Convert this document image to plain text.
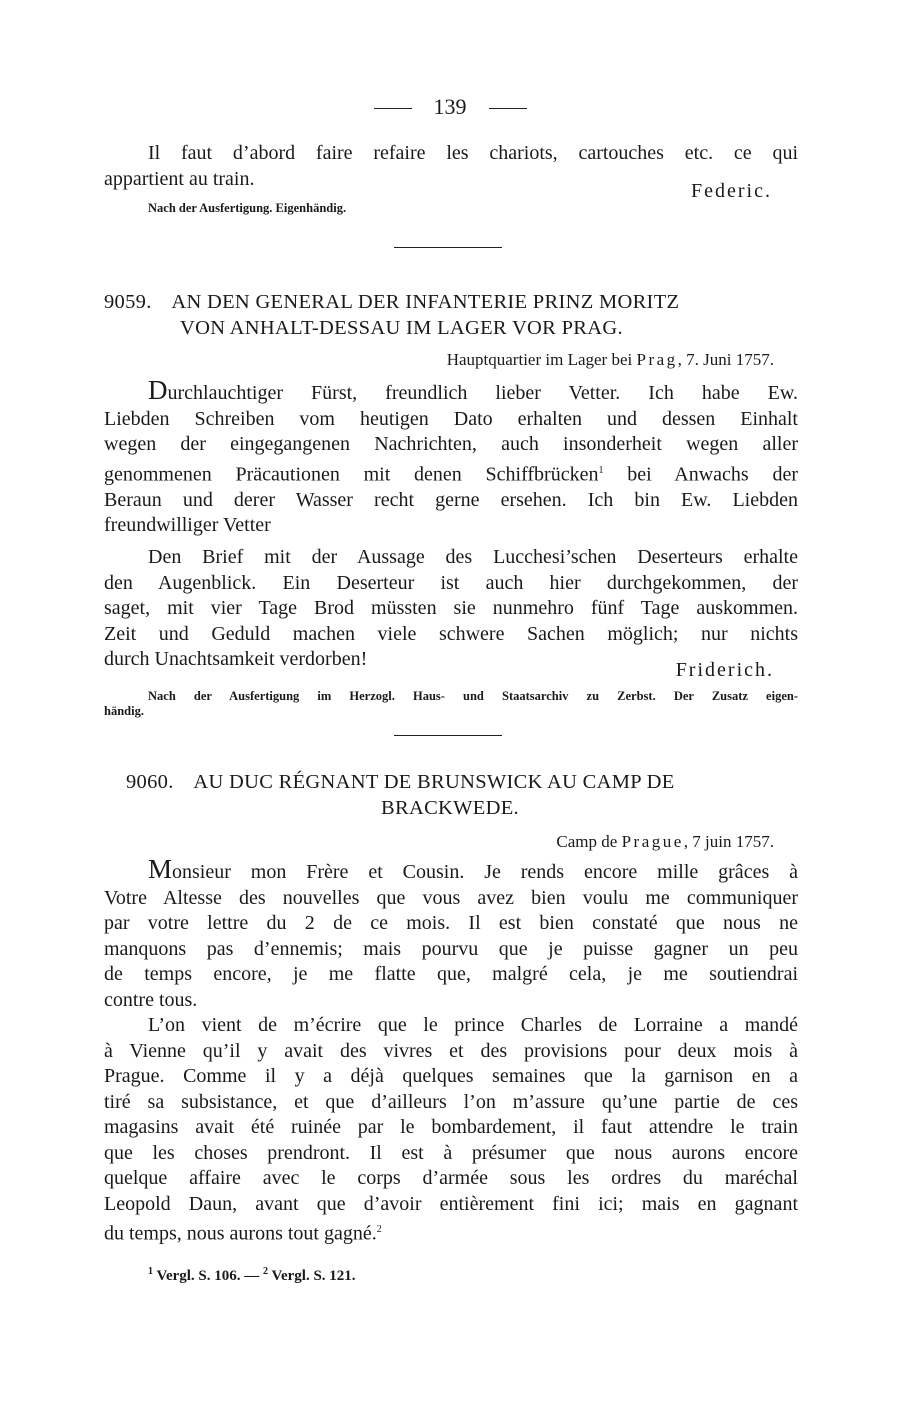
139
Il faut d’abord faire refaire les chariots, cartouches etc. ce qui
appartient au train.
Federic.
Nach der Ausfertigung. Eigenhändig.
9059. AN DEN GENERAL DER INFANTERIE PRINZ MORITZ
VON ANHALT-DESSAU IM LAGER VOR PRAG.
Hauptquartier im Lager bei Prag, 7. Juni 1757.
Durchlauchtiger Fürst, freundlich lieber Vetter. Ich habe Ew.
Liebden Schreiben vom heutigen Dato erhalten und dessen Einhalt
wegen der eingegangenen Nachrichten, auch insonderheit wegen aller
genommenen Präcautionen mit denen Schiffbrücken$^1$ bei Anwachs der
Beraun und derer Wasser recht gerne ersehen. Ich bin Ew. Liebden
freundwilliger Vetter
Den Brief mit der Aussage des Lucchesi’schen Deserteurs erhalte
den Augenblick. Ein Deserteur ist auch hier durchgekommen, der
saget, mit vier Tage Brod müssten sie nunmehro fünf Tage auskommen.
Zeit und Geduld machen viele schwere Sachen möglich; nur nichts
durch Unachtsamkeit verdorben!	Friderich.
Nach der Ausfertigung im Herzogl. Haus- und Staatsarchiv zu Zerbst. Der Zusatz eigen-
händig.
9060. AU DUC RÉGNANT DE BRUNSWICK AU CAMP DE
BRACKWEDE.
Camp de Prague, 7 juin 1757.
Monsieur mon Frère et Cousin. Je rends encore mille grâces à
Votre Altesse des nouvelles que vous avez bien voulu me communiquer
par votre lettre du 2 de ce mois. Il est bien constaté que nous ne
manquons pas d’ennemis; mais pourvu que je puisse gagner un peu
de temps encore, je me flatte que, malgré cela, je me soutiendrai
contre tous.
L’on vient de m’écrire que le prince Charles de Lorraine a mandé
à Vienne qu’il y avait des vivres et des provisions pour deux mois à
Prague. Comme il y a déjà quelques semaines que la garnison en a
tiré sa subsistance, et que d’ailleurs l’on m’assure qu’une partie de ces
magasins avait été ruinée par le bombardement, il faut attendre le train
que les choses prendront. Il est à présumer que nous aurons encore
quelque affaire avec le corps d’armée sous les ordres du maréchal
Leopold Daun, avant que d’avoir entièrement fini ici; mais en gagnant
du temps, nous aurons tout gagné.$^2$
$^1$ Vergl. S. 106. — $^2$ Vergl. S. 121.
